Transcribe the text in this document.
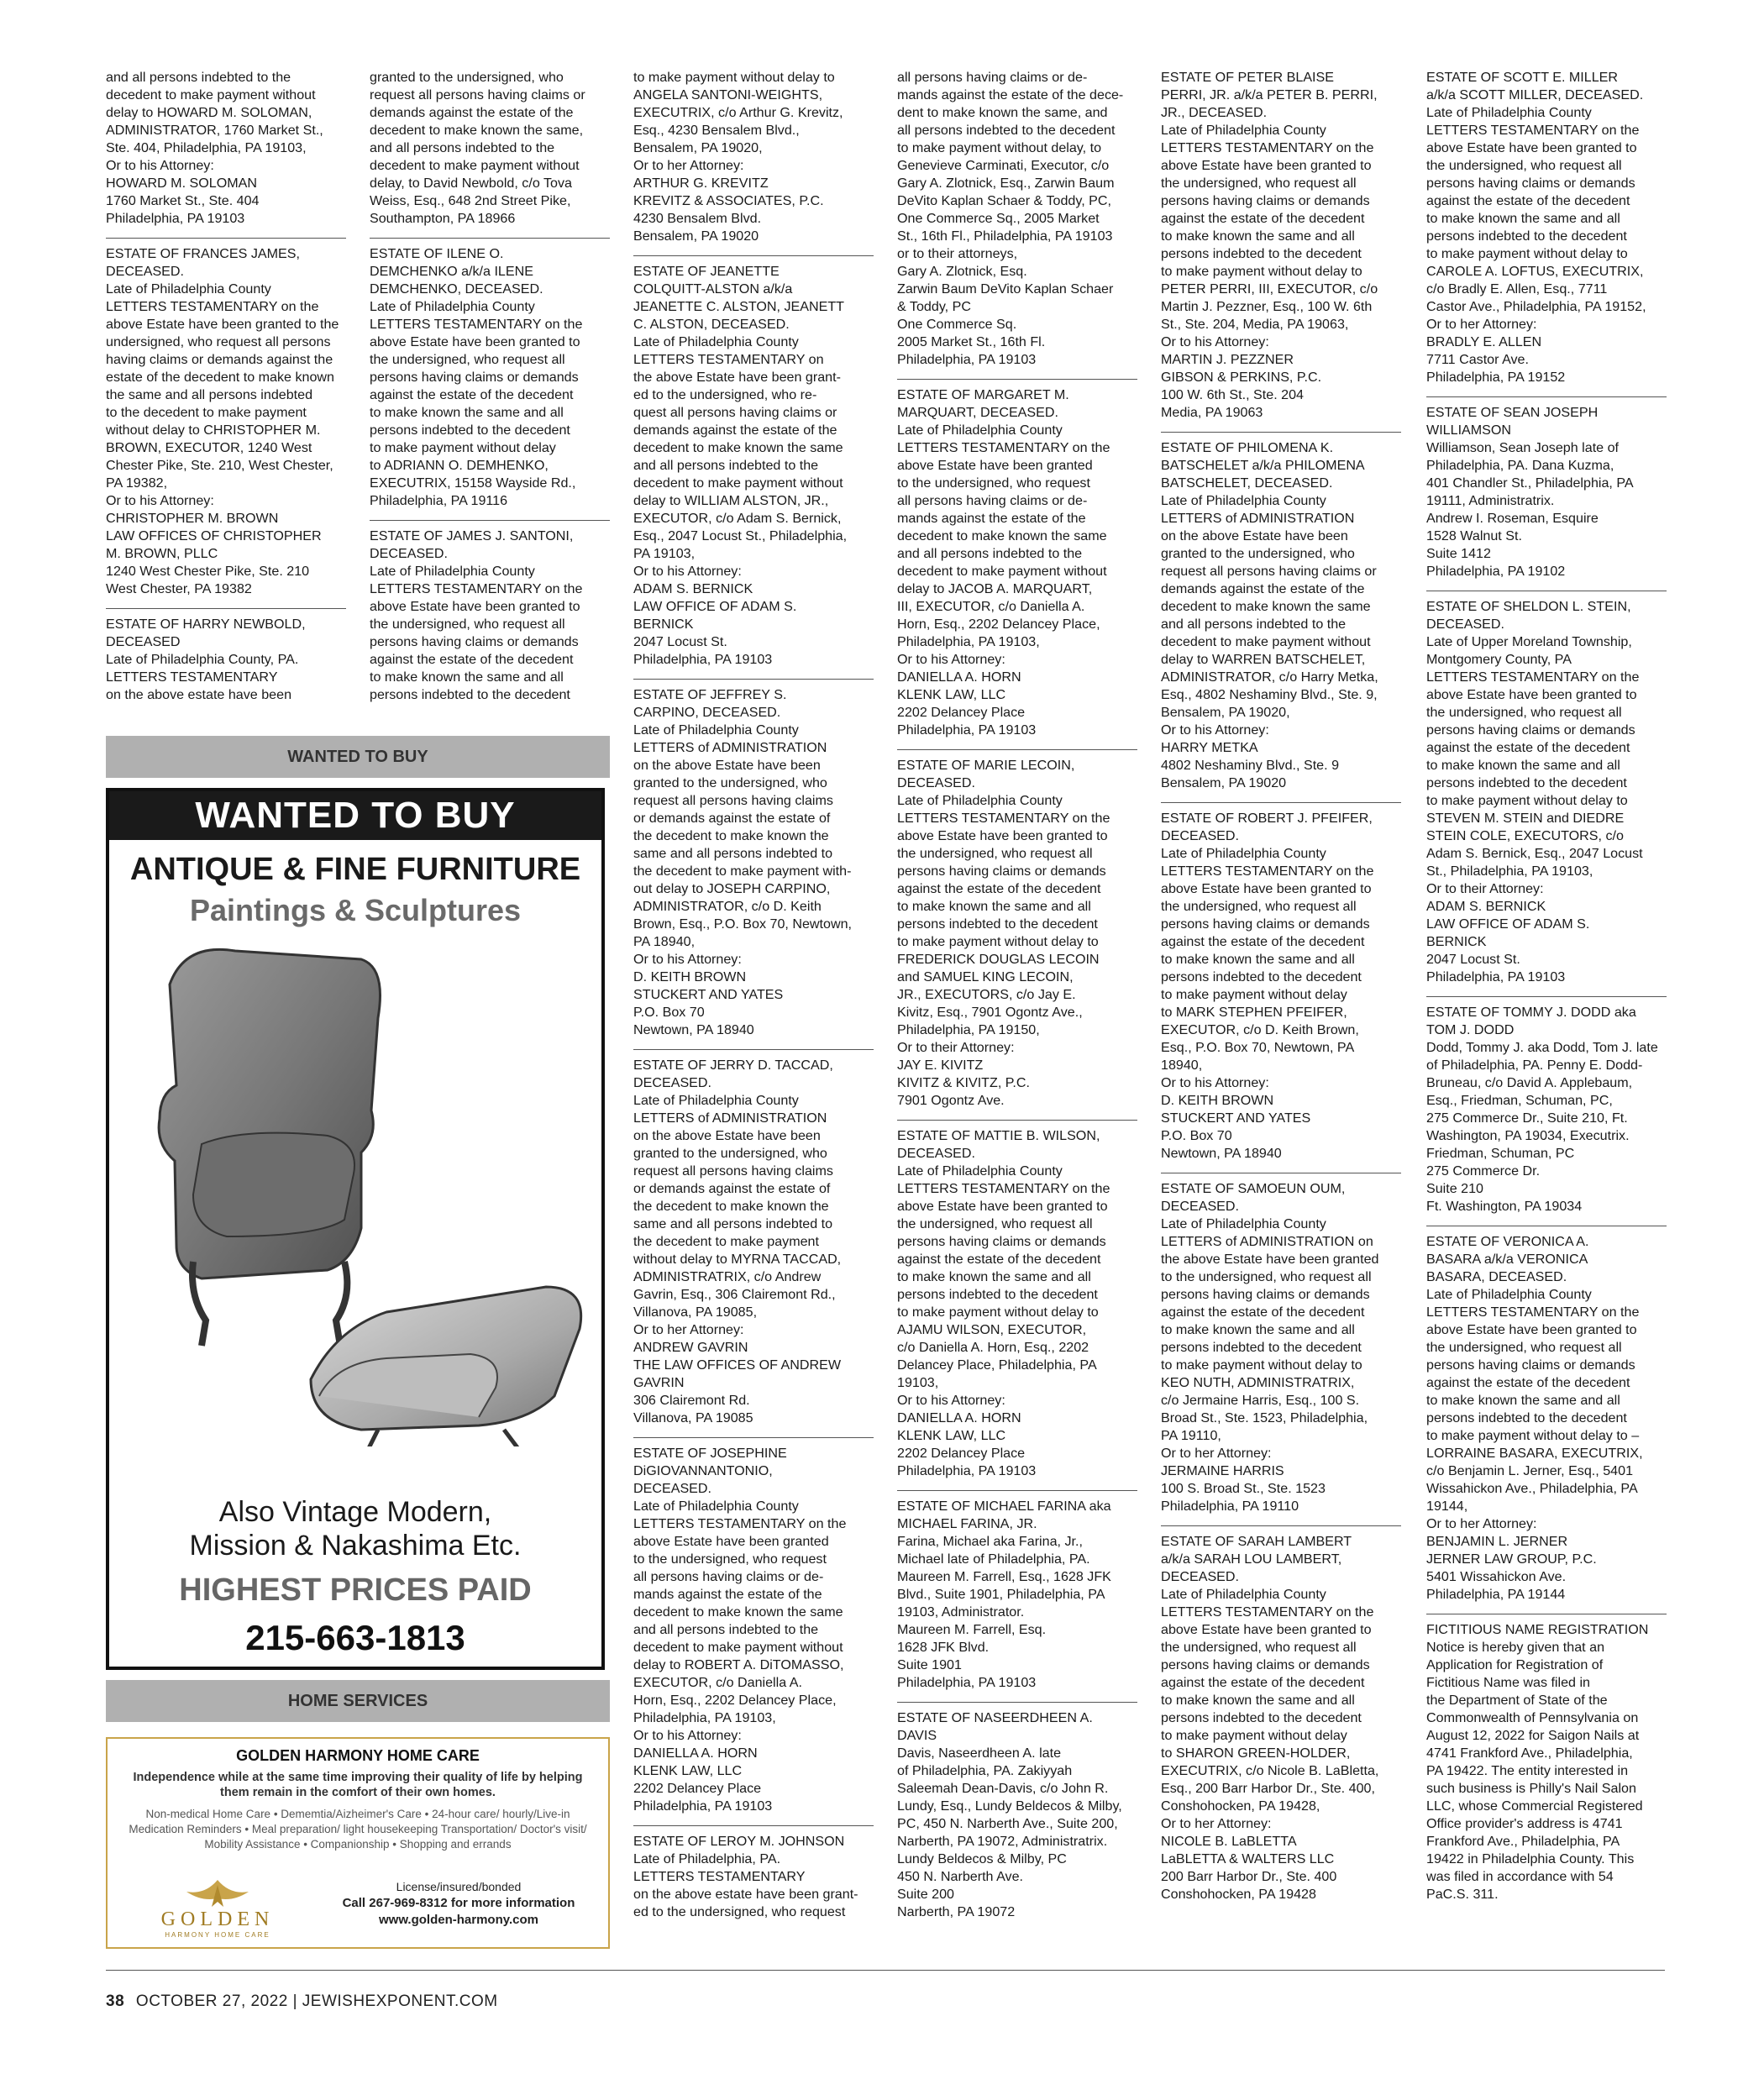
and all persons indebted to the
decedent to make payment without
delay to HOWARD M. SOLOMAN,
ADMINISTRATOR, 1760 Market St.,
Ste. 404, Philadelphia, PA 19103,
Or to his Attorney:
HOWARD M. SOLOMAN
1760 Market St., Ste. 404
Philadelphia, PA 19103
ESTATE OF FRANCES JAMES,
DECEASED.
Late of Philadelphia County
LETTERS TESTAMENTARY on the
above Estate have been granted to the
undersigned, who request all persons
having claims or demands against the
estate of the decedent to make known
the same and all persons indebted
to the decedent to make payment
without delay to CHRISTOPHER M.
BROWN, EXECUTOR, 1240 West
Chester Pike, Ste. 210, West Chester,
PA 19382,
Or to his Attorney:
CHRISTOPHER M. BROWN
LAW OFFICES OF CHRISTOPHER
M. BROWN, PLLC
1240 West Chester Pike, Ste. 210
West Chester, PA 19382
ESTATE OF HARRY NEWBOLD,
DECEASED
Late of Philadelphia County, PA.
LETTERS TESTAMENTARY
on the above estate have been
granted to the undersigned, who
request all persons having claims or
demands against the estate of the
decedent to make known the same,
and all persons indebted to the
decedent to make payment without
delay, to David Newbold, c/o Tova
Weiss, Esq., 648 2nd Street Pike,
Southampton, PA 18966
ESTATE OF ILENE O.
DEMCHENKO a/k/a ILENE
DEMCHENKO, DECEASED.
Late of Philadelphia County
LETTERS TESTAMENTARY on the
above Estate have been granted to
the undersigned, who request all
persons having claims or demands
against the estate of the decedent
to make known the same and all
persons indebted to the decedent
to make payment without delay
to ADRIANN O. DEMHENKO,
EXECUTRIX, 15158 Wayside Rd.,
Philadelphia, PA 19116
ESTATE OF JAMES J. SANTONI,
DECEASED.
Late of Philadelphia County
LETTERS TESTAMENTARY on the
above Estate have been granted to
the undersigned, who request all
persons having claims or demands
against the estate of the decedent
to make known the same and all
persons indebted to the decedent
to make payment without delay to
ANGELA SANTONI-WEIGHTS,
EXECUTRIX, c/o Arthur G. Krevitz,
Esq., 4230 Bensalem Blvd.,
Bensalem, PA 19020,
Or to her Attorney:
ARTHUR G. KREVITZ
KREVITZ & ASSOCIATES, P.C.
4230 Bensalem Blvd.
Bensalem, PA 19020
ESTATE OF JEANETTE
COLQUITT-ALSTON a/k/a
JEANETTE C. ALSTON, JEANETT
C. ALSTON, DECEASED.
Late of Philadelphia County
LETTERS TESTAMENTARY on
the above Estate have been grant-
ed to the undersigned, who re-
quest all persons having claims or
demands against the estate of the
decedent to make known the same
and all persons indebted to the
decedent to make payment without
delay to WILLIAM ALSTON, JR.,
EXECUTOR, c/o Adam S. Bernick,
Esq., 2047 Locust St., Philadelphia,
PA 19103,
Or to his Attorney:
ADAM S. BERNICK
LAW OFFICE OF ADAM S.
BERNICK
2047 Locust St.
Philadelphia, PA 19103
ESTATE OF JEFFREY S.
CARPINO, DECEASED.
Late of Philadelphia County
LETTERS of ADMINISTRATION
on the above Estate have been
granted to the undersigned, who
request all persons having claims
or demands against the estate of
the decedent to make known the
same and all persons indebted to
the decedent to make payment with-
out delay to JOSEPH CARPINO,
ADMINISTRATOR, c/o D. Keith
Brown, Esq., P.O. Box 70, Newtown,
PA 18940,
Or to his Attorney:
D. KEITH BROWN
STUCKERT AND YATES
P.O. Box 70
Newtown, PA 18940
ESTATE OF JERRY D. TACCAD,
DECEASED.
Late of Philadelphia County
LETTERS of ADMINISTRATION
on the above Estate have been
granted to the undersigned, who
request all persons having claims
or demands against the estate of
the decedent to make known the
same and all persons indebted to
the decedent to make payment
without delay to MYRNA TACCAD,
ADMINISTRATRIX, c/o Andrew
Gavrin, Esq., 306 Clairemont Rd.,
Villanova, PA 19085,
Or to her Attorney:
ANDREW GAVRIN
THE LAW OFFICES OF ANDREW
GAVRIN
306 Clairemont Rd.
Villanova, PA 19085
ESTATE OF JOSEPHINE
DiGIOVANNANTONIO,
DECEASED.
Late of Philadelphia County
LETTERS TESTAMENTARY on the
above Estate have been granted
to the undersigned, who request
all persons having claims or de-
mands against the estate of the
decedent to make known the same
and all persons indebted to the
decedent to make payment without
delay to ROBERT A. DiTOMASSO,
EXECUTOR, c/o Daniella A.
Horn, Esq., 2202 Delancey Place,
Philadelphia, PA 19103,
Or to his Attorney:
DANIELLA A. HORN
KLENK LAW, LLC
2202 Delancey Place
Philadelphia, PA 19103
ESTATE OF LEROY M. JOHNSON
Late of Philadelphia, PA.
LETTERS TESTAMENTARY
on the above estate have been grant-
ed to the undersigned, who request
all persons having claims or de-
mands against the estate of the dece-
dent to make known the same, and
all persons indebted to the decedent
to make payment without delay, to
Genevieve Carminati, Executor, c/o
Gary A. Zlotnick, Esq., Zarwin Baum
DeVito Kaplan Schaer & Toddy, PC,
One Commerce Sq., 2005 Market
St., 16th Fl., Philadelphia, PA 19103
or to their attorneys,
Gary A. Zlotnick, Esq.
Zarwin Baum DeVito Kaplan Schaer
& Toddy, PC
One Commerce Sq.
2005 Market St., 16th Fl.
Philadelphia, PA 19103
ESTATE OF MARGARET M.
MARQUART, DECEASED.
Late of Philadelphia County
LETTERS TESTAMENTARY on the
above Estate have been granted
to the undersigned, who request
all persons having claims or de-
mands against the estate of the
decedent to make known the same
and all persons indebted to the
decedent to make payment without
delay to JACOB A. MARQUART,
III, EXECUTOR, c/o Daniella A.
Horn, Esq., 2202 Delancey Place,
Philadelphia, PA 19103,
Or to his Attorney:
DANIELLA A. HORN
KLENK LAW, LLC
2202 Delancey Place
Philadelphia, PA 19103
ESTATE OF MARIE LECOIN,
DECEASED.
Late of Philadelphia County
LETTERS TESTAMENTARY on the
above Estate have been granted to
the undersigned, who request all
persons having claims or demands
against the estate of the decedent
to make known the same and all
persons indebted to the decedent
to make payment without delay to
FREDERICK DOUGLAS LECOIN
and SAMUEL KING LECOIN,
JR., EXECUTORS, c/o Jay E.
Kivitz, Esq., 7901 Ogontz Ave.,
Philadelphia, PA 19150,
Or to their Attorney:
JAY E. KIVITZ
KIVITZ & KIVITZ, P.C.
7901 Ogontz Ave.
ESTATE OF MATTIE B. WILSON,
DECEASED.
Late of Philadelphia County
LETTERS TESTAMENTARY on the
above Estate have been granted to
the undersigned, who request all
persons having claims or demands
against the estate of the decedent
to make known the same and all
persons indebted to the decedent
to make payment without delay to
AJAMU WILSON, EXECUTOR,
c/o Daniella A. Horn, Esq., 2202
Delancey Place, Philadelphia, PA
19103,
Or to his Attorney:
DANIELLA A. HORN
KLENK LAW, LLC
2202 Delancey Place
Philadelphia, PA 19103
ESTATE OF MICHAEL FARINA aka
MICHAEL FARINA, JR.
Farina, Michael aka Farina, Jr.,
Michael late of Philadelphia, PA.
Maureen M. Farrell, Esq., 1628 JFK
Blvd., Suite 1901, Philadelphia, PA
19103, Administrator.
Maureen M. Farrell, Esq.
1628 JFK Blvd.
Suite 1901
Philadelphia, PA 19103
ESTATE OF NASEERDHEEN A.
DAVIS
Davis, Naseerdheen A. late
of Philadelphia, PA. Zakiyyah
Saleemah Dean-Davis, c/o John R.
Lundy, Esq., Lundy Beldecos & Milby,
PC, 450 N. Narberth Ave., Suite 200,
Narberth, PA 19072, Administratrix.
Lundy Beldecos & Milby, PC
450 N. Narberth Ave.
Suite 200
Narberth, PA 19072
ESTATE OF PETER BLAISE
PERRI, JR. a/k/a PETER B. PERRI,
JR., DECEASED.
Late of Philadelphia County
LETTERS TESTAMENTARY on the
above Estate have been granted to
the undersigned, who request all
persons having claims or demands
against the estate of the decedent
to make known the same and all
persons indebted to the decedent
to make payment without delay to
PETER PERRI, III, EXECUTOR, c/o
Martin J. Pezzner, Esq., 100 W. 6th
St., Ste. 204, Media, PA 19063,
Or to his Attorney:
MARTIN J. PEZZNER
GIBSON & PERKINS, P.C.
100 W. 6th St., Ste. 204
Media, PA 19063
ESTATE OF PHILOMENA K.
BATSCHELET a/k/a PHILOMENA
BATSCHELET, DECEASED.
Late of Philadelphia County
LETTERS of ADMINISTRATION
on the above Estate have been
granted to the undersigned, who
request all persons having claims or
demands against the estate of the
decedent to make known the same
and all persons indebted to the
decedent to make payment without
delay to WARREN BATSCHELET,
ADMINISTRATOR, c/o Harry Metka,
Esq., 4802 Neshaminy Blvd., Ste. 9,
Bensalem, PA 19020,
Or to his Attorney:
HARRY METKA
4802 Neshaminy Blvd., Ste. 9
Bensalem, PA 19020
ESTATE OF ROBERT J. PFEIFER,
DECEASED.
Late of Philadelphia County
LETTERS TESTAMENTARY on the
above Estate have been granted to
the undersigned, who request all
persons having claims or demands
against the estate of the decedent
to make known the same and all
persons indebted to the decedent
to make payment without delay
to MARK STEPHEN PFEIFER,
EXECUTOR, c/o D. Keith Brown,
Esq., P.O. Box 70, Newtown, PA
18940,
Or to his Attorney:
D. KEITH BROWN
STUCKERT AND YATES
P.O. Box 70
Newtown, PA 18940
ESTATE OF SAMOEUN OUM,
DECEASED.
Late of Philadelphia County
LETTERS of ADMINISTRATION on
the above Estate have been granted
to the undersigned, who request all
persons having claims or demands
against the estate of the decedent
to make known the same and all
persons indebted to the decedent
to make payment without delay to
KEO NUTH, ADMINISTRATRIX,
c/o Jermaine Harris, Esq., 100 S.
Broad St., Ste. 1523, Philadelphia,
PA 19110,
Or to her Attorney:
JERMAINE HARRIS
100 S. Broad St., Ste. 1523
Philadelphia, PA 19110
ESTATE OF SARAH LAMBERT
a/k/a SARAH LOU LAMBERT,
DECEASED.
Late of Philadelphia County
LETTERS TESTAMENTARY on the
above Estate have been granted to
the undersigned, who request all
persons having claims or demands
against the estate of the decedent
to make known the same and all
persons indebted to the decedent
to make payment without delay
to SHARON GREEN-HOLDER,
EXECUTRIX, c/o Nicole B. LaBletta,
Esq., 200 Barr Harbor Dr., Ste. 400,
Conshohocken, PA 19428,
Or to her Attorney:
NICOLE B. LaBLETTA
LaBLETTA & WALTERS LLC
200 Barr Harbor Dr., Ste. 400
Conshohocken, PA 19428
ESTATE OF SCOTT E. MILLER
a/k/a SCOTT MILLER, DECEASED.
Late of Philadelphia County
LETTERS TESTAMENTARY on the
above Estate have been granted to
the undersigned, who request all
persons having claims or demands
against the estate of the decedent
to make known the same and all
persons indebted to the decedent
to make payment without delay to
CAROLE A. LOFTUS, EXECUTRIX,
c/o Bradly E. Allen, Esq., 7711
Castor Ave., Philadelphia, PA 19152,
Or to her Attorney:
BRADLY E. ALLEN
7711 Castor Ave.
Philadelphia, PA 19152
ESTATE OF SEAN JOSEPH
WILLIAMSON
Williamson, Sean Joseph late of
Philadelphia, PA. Dana Kuzma,
401 Chandler St., Philadelphia, PA
19111, Administratrix.
Andrew I. Roseman, Esquire
1528 Walnut St.
Suite 1412
Philadelphia, PA 19102
ESTATE OF SHELDON L. STEIN,
DECEASED.
Late of Upper Moreland Township,
Montgomery County, PA
LETTERS TESTAMENTARY on the
above Estate have been granted to
the undersigned, who request all
persons having claims or demands
against the estate of the decedent
to make known the same and all
persons indebted to the decedent
to make payment without delay to
STEVEN M. STEIN and DIEDRE
STEIN COLE, EXECUTORS, c/o
Adam S. Bernick, Esq., 2047 Locust
St., Philadelphia, PA 19103,
Or to their Attorney:
ADAM S. BERNICK
LAW OFFICE OF ADAM S.
BERNICK
2047 Locust St.
Philadelphia, PA 19103
ESTATE OF TOMMY J. DODD aka
TOM J. DODD
Dodd, Tommy J. aka Dodd, Tom J. late
of Philadelphia, PA. Penny E. Dodd-
Bruneau, c/o David A. Applebaum,
Esq., Friedman, Schuman, PC,
275 Commerce Dr., Suite 210, Ft.
Washington, PA 19034, Executrix.
Friedman, Schuman, PC
275 Commerce Dr.
Suite 210
Ft. Washington, PA 19034
ESTATE OF VERONICA A.
BASARA a/k/a VERONICA
BASARA, DECEASED.
Late of Philadelphia County
LETTERS TESTAMENTARY on the
above Estate have been granted to
the undersigned, who request all
persons having claims or demands
against the estate of the decedent
to make known the same and all
persons indebted to the decedent
to make payment without delay to –
LORRAINE BASARA, EXECUTRIX,
c/o Benjamin L. Jerner, Esq., 5401
Wissahickon Ave., Philadelphia, PA
19144,
Or to her Attorney:
BENJAMIN L. JERNER
JERNER LAW GROUP, P.C.
5401 Wissahickon Ave.
Philadelphia, PA 19144
FICTITIOUS NAME REGISTRATION
Notice is hereby given that an
Application for Registration of
Fictitious Name was filed in
the Department of State of the
Commonwealth of Pennsylvania on
August 12, 2022 for Saigon Nails at
4741 Frankford Ave., Philadelphia,
PA 19422. The entity interested in
such business is Philly's Nail Salon
LLC, whose Commercial Registered
Office provider's address is 4741
Frankford Ave., Philadelphia, PA
19422 in Philadelphia County. This
was filed in accordance with 54
PaC.S. 311.
WANTED TO BUY
WANTED TO BUY
ANTIQUE & FINE FURNITURE
Paintings & Sculptures
Also Vintage Modern,
Mission & Nakashima Etc.
HIGHEST PRICES PAID
215-663-1813
HOME SERVICES
GOLDEN HARMONY HOME CARE
Independence while at the same time improving their quality of life by helping them remain in the comfort of their own homes.
Non-medical Home Care • Dememtia/Aizheimer's Care • 24-hour care/ hourly/Live-in Medication Reminders • Meal preparation/ light housekeeping Transportation/ Doctor's visit/ Mobility Assistance • Companionship • Shopping and errands
GOLDEN
HARMONY HOME CARE
License/insured/bonded
Call 267-969-8312 for more information
www.golden-harmony.com
38 OCTOBER 27, 2022 | JEWISHEXPONENT.COM
